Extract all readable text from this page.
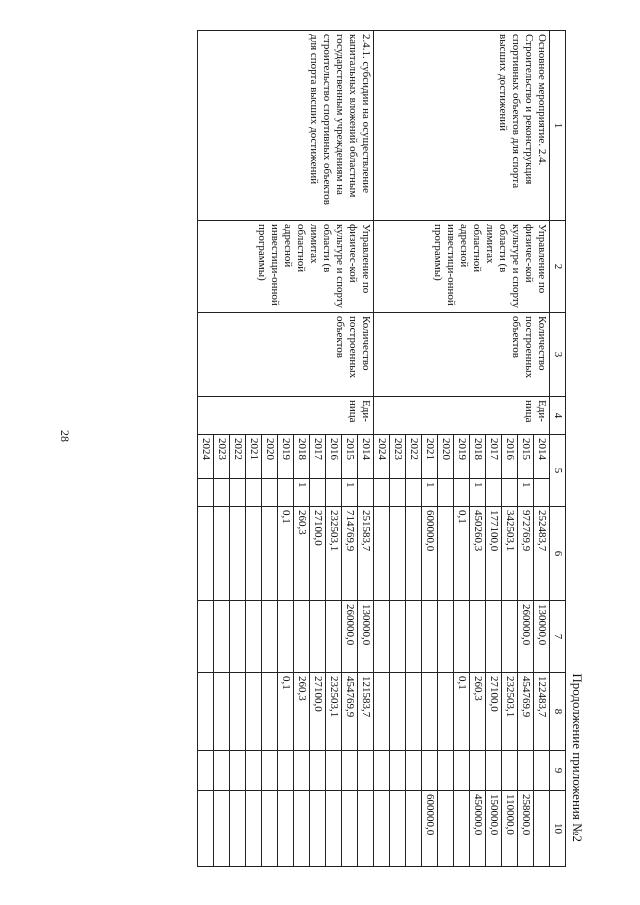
28
Продолжение приложения №2
1	2	3	4	5		6	7	8	9	10
Основное мероприятие. 2.4. Строительство и реконструкция спортивных объектов для спорта высших достижений	Управление по физичес-кой культуре и спорту области (в лимитах областной адресной инвестици-онной программы)	Количество построенных объектов	Еди-ница	2014		252483,7	130000,0	122483,7		
				2015	1	972769,9	260000,0	454769,9		258000,0
				2016		342503,1		232503,1		110000,0
				2017		177100,0		27100,0		150000,0
				2018	1	450260,3		260,3		450000,0
				2019		0,1		0,1		
				2020						
				2021	1	600000,0				600000,0
				2022						
				2023						
				2024						
2.4.1. субсидии на осуществление капитальных вложений областным государственным учреждениям на строительство спортивных объектов для спорта высших достижений	Управление по физичес-кой культуре и спорту области (в лимитах областной адресной инвестици-онной программы)	Количество построенных объектов	Еди-ница	2014		251583,7	130000,0	121583,7		
				2015	1	714769,9	260000,0	454769,9		
				2016		232503,1		232503,1		
				2017		27100,0		27100,0		
				2018	1	260,3		260,3		
				2019		0,1		0,1		
				2020						
				2021						
				2022						
				2023						
				2024						
